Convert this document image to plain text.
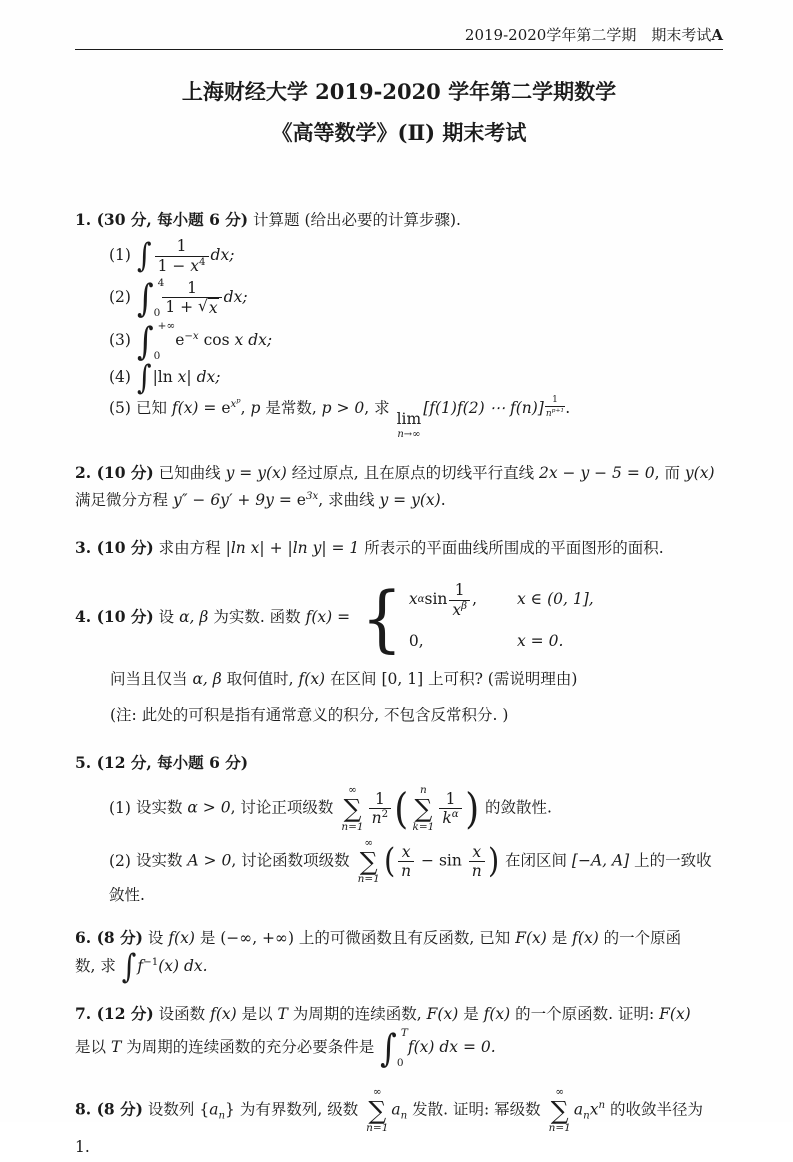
2019-2020学年第二学期 期末考试A
上海财经大学 2019-2020 学年第二学期数学
《高等数学》(Ⅱ) 期末考试

1. (30 分, 每小题 6 分) 计算题 (给出必要的计算步骤).

(1) ∫ $\frac{1}{1 - x^4}$ dx;

(2) ∫ 4
$0 \frac{1}{1 + √ x}$ dx;

(3) ∫ +∞
0
$e^{-x}$ cos x dx;

(4) ∫ |ln x| dx;

(5) 已知 $f(x) = e^{x^p}$, p 是常数, p > 0, 求
lim
n→∞
[f(1)f(2) ⋯ f(n)] $^{\frac{1}{n^{p+1}}}$ .

2. (10 分) 已知曲线 y = y(x) 经过原点, 且在原点的切线平行直线 2x − y − 5 = 0, 而 y(x)
满足微分方程 $y'' - 6y' + 9y = e^{3x}$, 求曲线 y = y(x).

3. (10 分) 求由方程 |ln x| + |ln y| = 1 所表示的平面曲线所围成的平面图形的面积.

4. (10 分) 设 α, β 为实数. 函数 f(x) = { x α $\sin \frac{1}{x^\beta}$ ,	x ∈ (0, 1],
0,	x = 0.

问当且仅当 α, β 取何值时, f(x) 在区间 [0, 1] 上可积? (需说明理由)

(注: 此处的可积是指有通常意义的积分, 不包含反常积分. )

5. (12 分, 每小题 6 分)

(1) 设实数 α > 0, 讨论正项级数
∞
∑
$n=1 \frac{1}{n^2}$ ( n
∑
$k=1 \frac{1}{k^\alpha}$ ) 的敛散性.

(2) 设实数 A > 0, 讨论函数项级数
∞
∑
n=1 ( $\frac{x}{n} - \sin \frac{x}{n}$ ) 在闭区间 [−A, A] 上的一致收敛性.

6. (8 分) 设 f(x) 是 (−∞, +∞) 上的可微函数且有反函数, 已知 F(x) 是 f(x) 的一个原函
数, 求 ∫ $f^{-1}(x)$ dx.

7. (12 分) 设函数 f(x) 是以 T 为周期的连续函数, F(x) 是 f(x) 的一个原函数. 证明: F(x)
是以 T 为周期的连续函数的充分必要条件是 ∫ T
0
f(x) dx = 0.

8. (8 分) 设数列 $\{a_n\}$ 为有界数列, 级数
∞
∑
n=1
$a_n$ 发散. 证明: 幂级数
∞
∑
n=1
$a_nx^n$ 的收敛半径为
1.
